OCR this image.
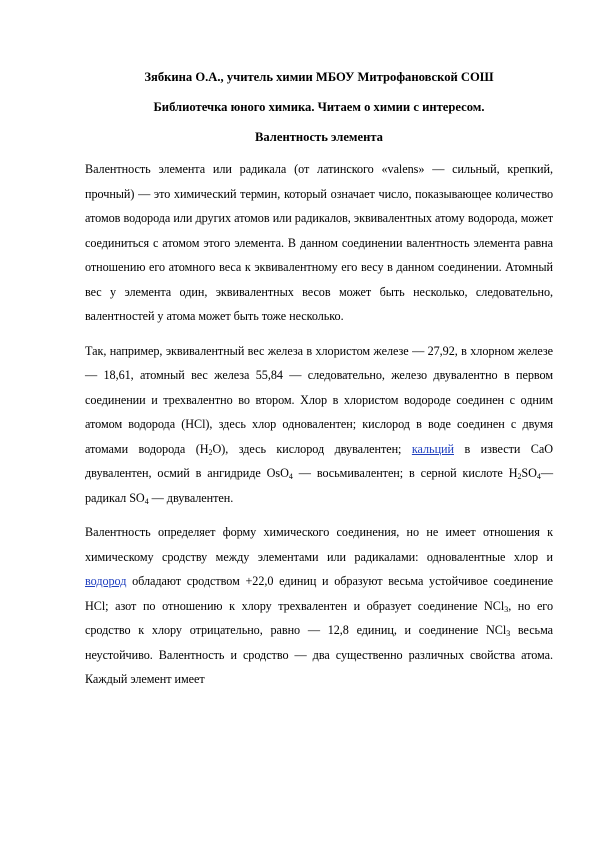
Зябкина О.А., учитель химии МБОУ Митрофановской СОШ

Библиотечка юного химика. Читаем о химии с интересом.

Валентность элемента

Валентность элемента или радикала (от латинского «valens» — сильный, крепкий, прочный) — это химический термин, который означает число, показывающее количество атомов водорода или других атомов или радикалов, эквивалентных атому водорода, может соединиться с атомом этого элемента. В данном соединении валентность элемента равна отношению его атомного веса к эквивалентному его весу в данном соединении. Атомный вес у элемента один, эквивалентных весов может быть несколько, следовательно, валентностей у атома может быть тоже несколько.

Так, например, эквивалентный вес железа в хлористом железе — 27,92, в хлорном железе — 18,61, атомный вес железа 55,84 — следовательно, железо двувалентно в первом соединении и трехвалентно во втором. Хлор в хлористом водороде соединен с одним атомом водорода (HCl), здесь хлор одновалентен; кислород в воде соединен с двумя атомами водорода $(H_2O)$, здесь кислород двувалентен; кальций в извести CaO двувалентен, осмий в ангидриде OsO$_4$ — восьмивалентен; в серной кислоте $H_2SO_4—$ радикал $SO_4$ — двувалентен.

Валентность определяет форму химического соединения, но не имеет отношения к химическому сродству между элементами или радикалами: одновалентные хлор и водород обладают сродством +22,0 единиц и образуют весьма устойчивое соединение HCl; азот по отношению к хлору трехвалентен и образует соединение NCl$_3$, но его сродство к хлору отрицательно, равно — 12,8 единиц, и соединение NCl$_3$ весьма неустойчиво. Валентность и сродство — два существенно различных свойства атома. Каждый элемент имеет
